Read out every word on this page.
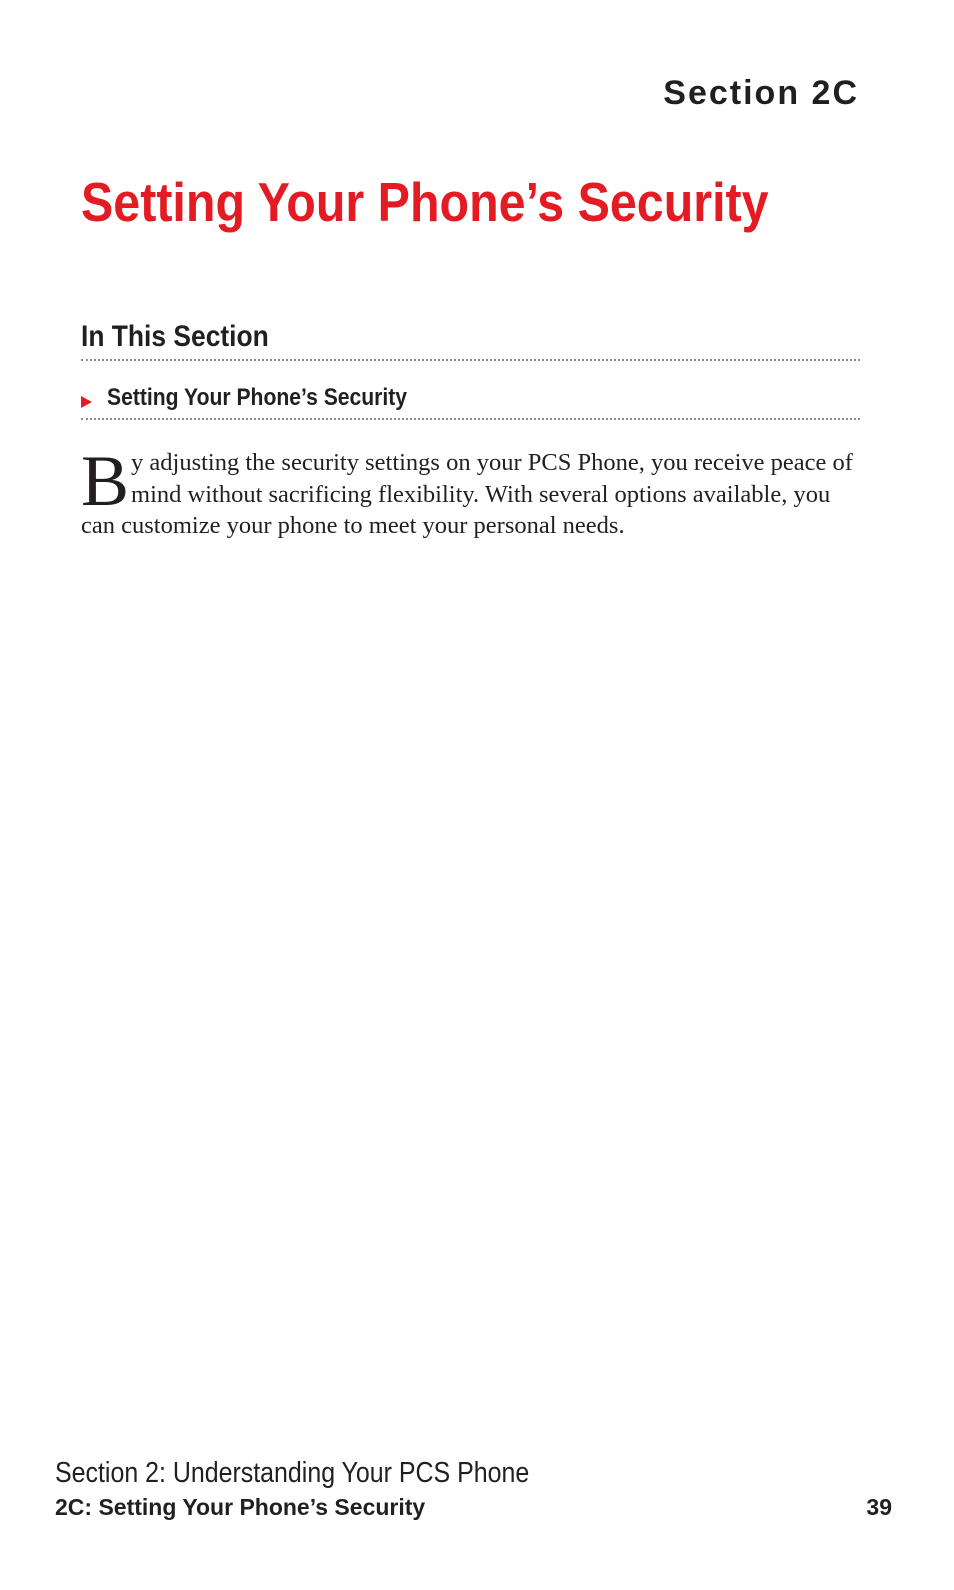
Section 2C
Setting Your Phone’s Security
In This Section
Setting Your Phone’s Security

By adjusting the security settings on your PCS Phone, you receive peace of mind without sacrificing flexibility. With several options available, you can customize your phone to meet your personal needs.

Section 2: Understanding Your PCS Phone
2C: Setting Your Phone’s Security	39
